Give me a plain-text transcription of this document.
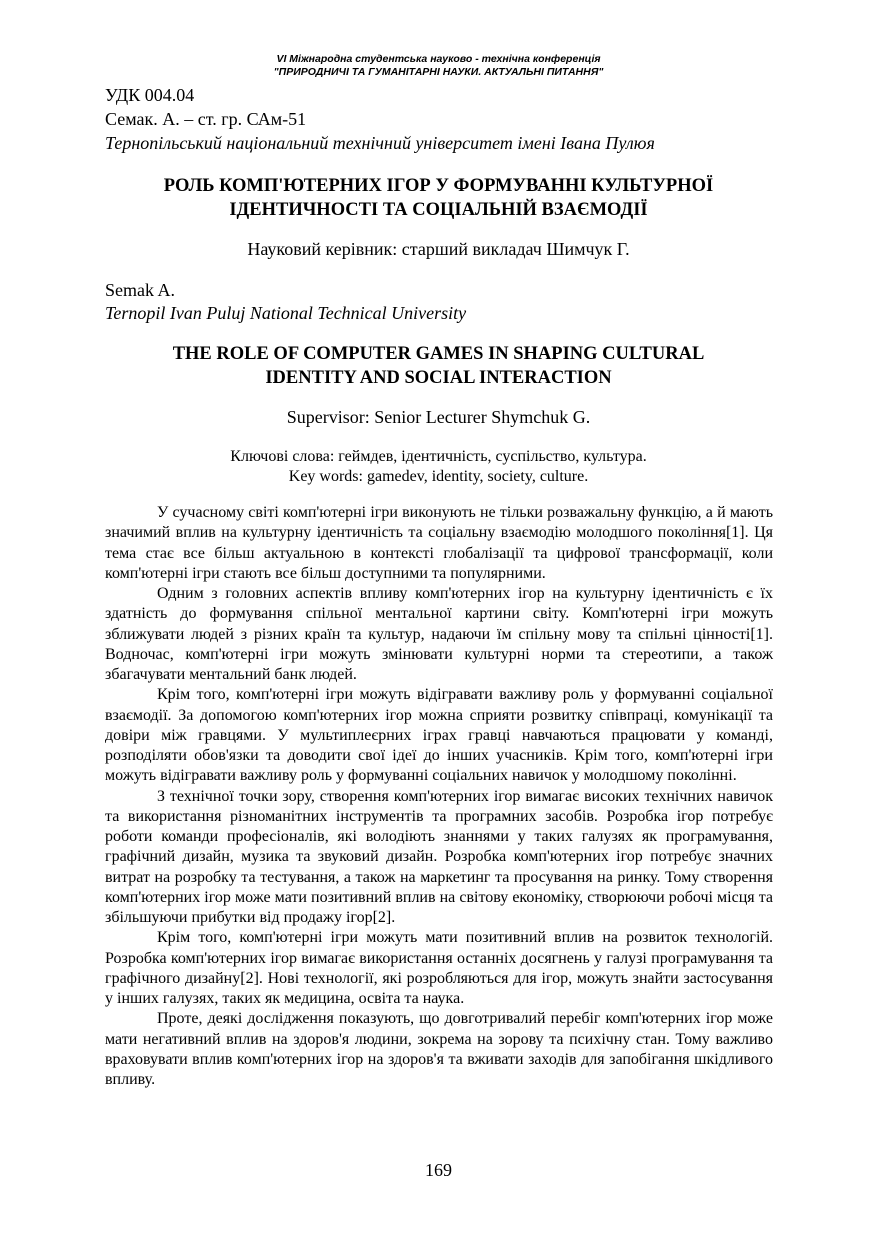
VI Міжнародна студентська науково - технічна конференція
"ПРИРОДНИЧІ ТА ГУМАНІТАРНІ НАУКИ. АКТУАЛЬНІ ПИТАННЯ"
УДК 004.04
Семак. А. – ст. гр. САм-51
Тернопільський національний технічний університет імені Івана Пулюя
РОЛЬ КОМП'ЮТЕРНИХ ІГОР У ФОРМУВАННІ КУЛЬТУРНОЇ
ІДЕНТИЧНОСТІ ТА СОЦІАЛЬНІЙ ВЗАЄМОДІЇ
Науковий керівник: старший викладач Шимчук Г.
Semak A.
Ternopil Ivan Puluj National Technical University
THE ROLE OF COMPUTER GAMES IN SHAPING CULTURAL
IDENTITY AND SOCIAL INTERACTION
Supervisor: Senior Lecturer Shymchuk G.
Ключові слова: геймдев, ідентичність, суспільство, культура.
Key words: gamedev, identity, society, culture.

У сучасному світі комп'ютерні ігри виконують не тільки розважальну функцію, а й мають значимий вплив на культурну ідентичність та соціальну взаємодію молодшого покоління[1]. Ця тема стає все більш актуальною в контексті глобалізації та цифрової трансформації, коли комп'ютерні ігри стають все більш доступними та популярними.

Одним з головних аспектів впливу комп'ютерних ігор на культурну ідентичність є їх здатність до формування спільної ментальної картини світу. Комп'ютерні ігри можуть зближувати людей з різних країн та культур, надаючи їм спільну мову та спільні цінності[1]. Водночас, комп'ютерні ігри можуть змінювати культурні норми та стереотипи, а також збагачувати ментальний банк людей.

Крім того, комп'ютерні ігри можуть відігравати важливу роль у формуванні соціальної взаємодії. За допомогою комп'ютерних ігор можна сприяти розвитку співпраці, комунікації та довіри між гравцями. У мультиплеєрних іграх гравці навчаються працювати у команді, розподіляти обов'язки та доводити свої ідеї до інших учасників. Крім того, комп'ютерні ігри можуть відігравати важливу роль у формуванні соціальних навичок у молодшому поколінні.

З технічної точки зору, створення комп'ютерних ігор вимагає високих технічних навичок та використання різноманітних інструментів та програмних засобів. Розробка ігор потребує роботи команди професіоналів, які володіють знаннями у таких галузях як програмування, графічний дизайн, музика та звуковий дизайн. Розробка комп'ютерних ігор потребує значних витрат на розробку та тестування, а також на маркетинг та просування на ринку. Тому створення комп'ютерних ігор може мати позитивний вплив на світову економіку, створюючи робочі місця та збільшуючи прибутки від продажу ігор[2].

Крім того, комп'ютерні ігри можуть мати позитивний вплив на розвиток технологій. Розробка комп'ютерних ігор вимагає використання останніх досягнень у галузі програмування та графічного дизайну[2]. Нові технології, які розробляються для ігор, можуть знайти застосування у інших галузях, таких як медицина, освіта та наука.

Проте, деякі дослідження показують, що довготривалий перебіг комп'ютерних ігор може мати негативний вплив на здоров'я людини, зокрема на зорову та психічну стан. Тому важливо враховувати вплив комп'ютерних ігор на здоров'я та вживати заходів для запобігання шкідливого впливу.

169
